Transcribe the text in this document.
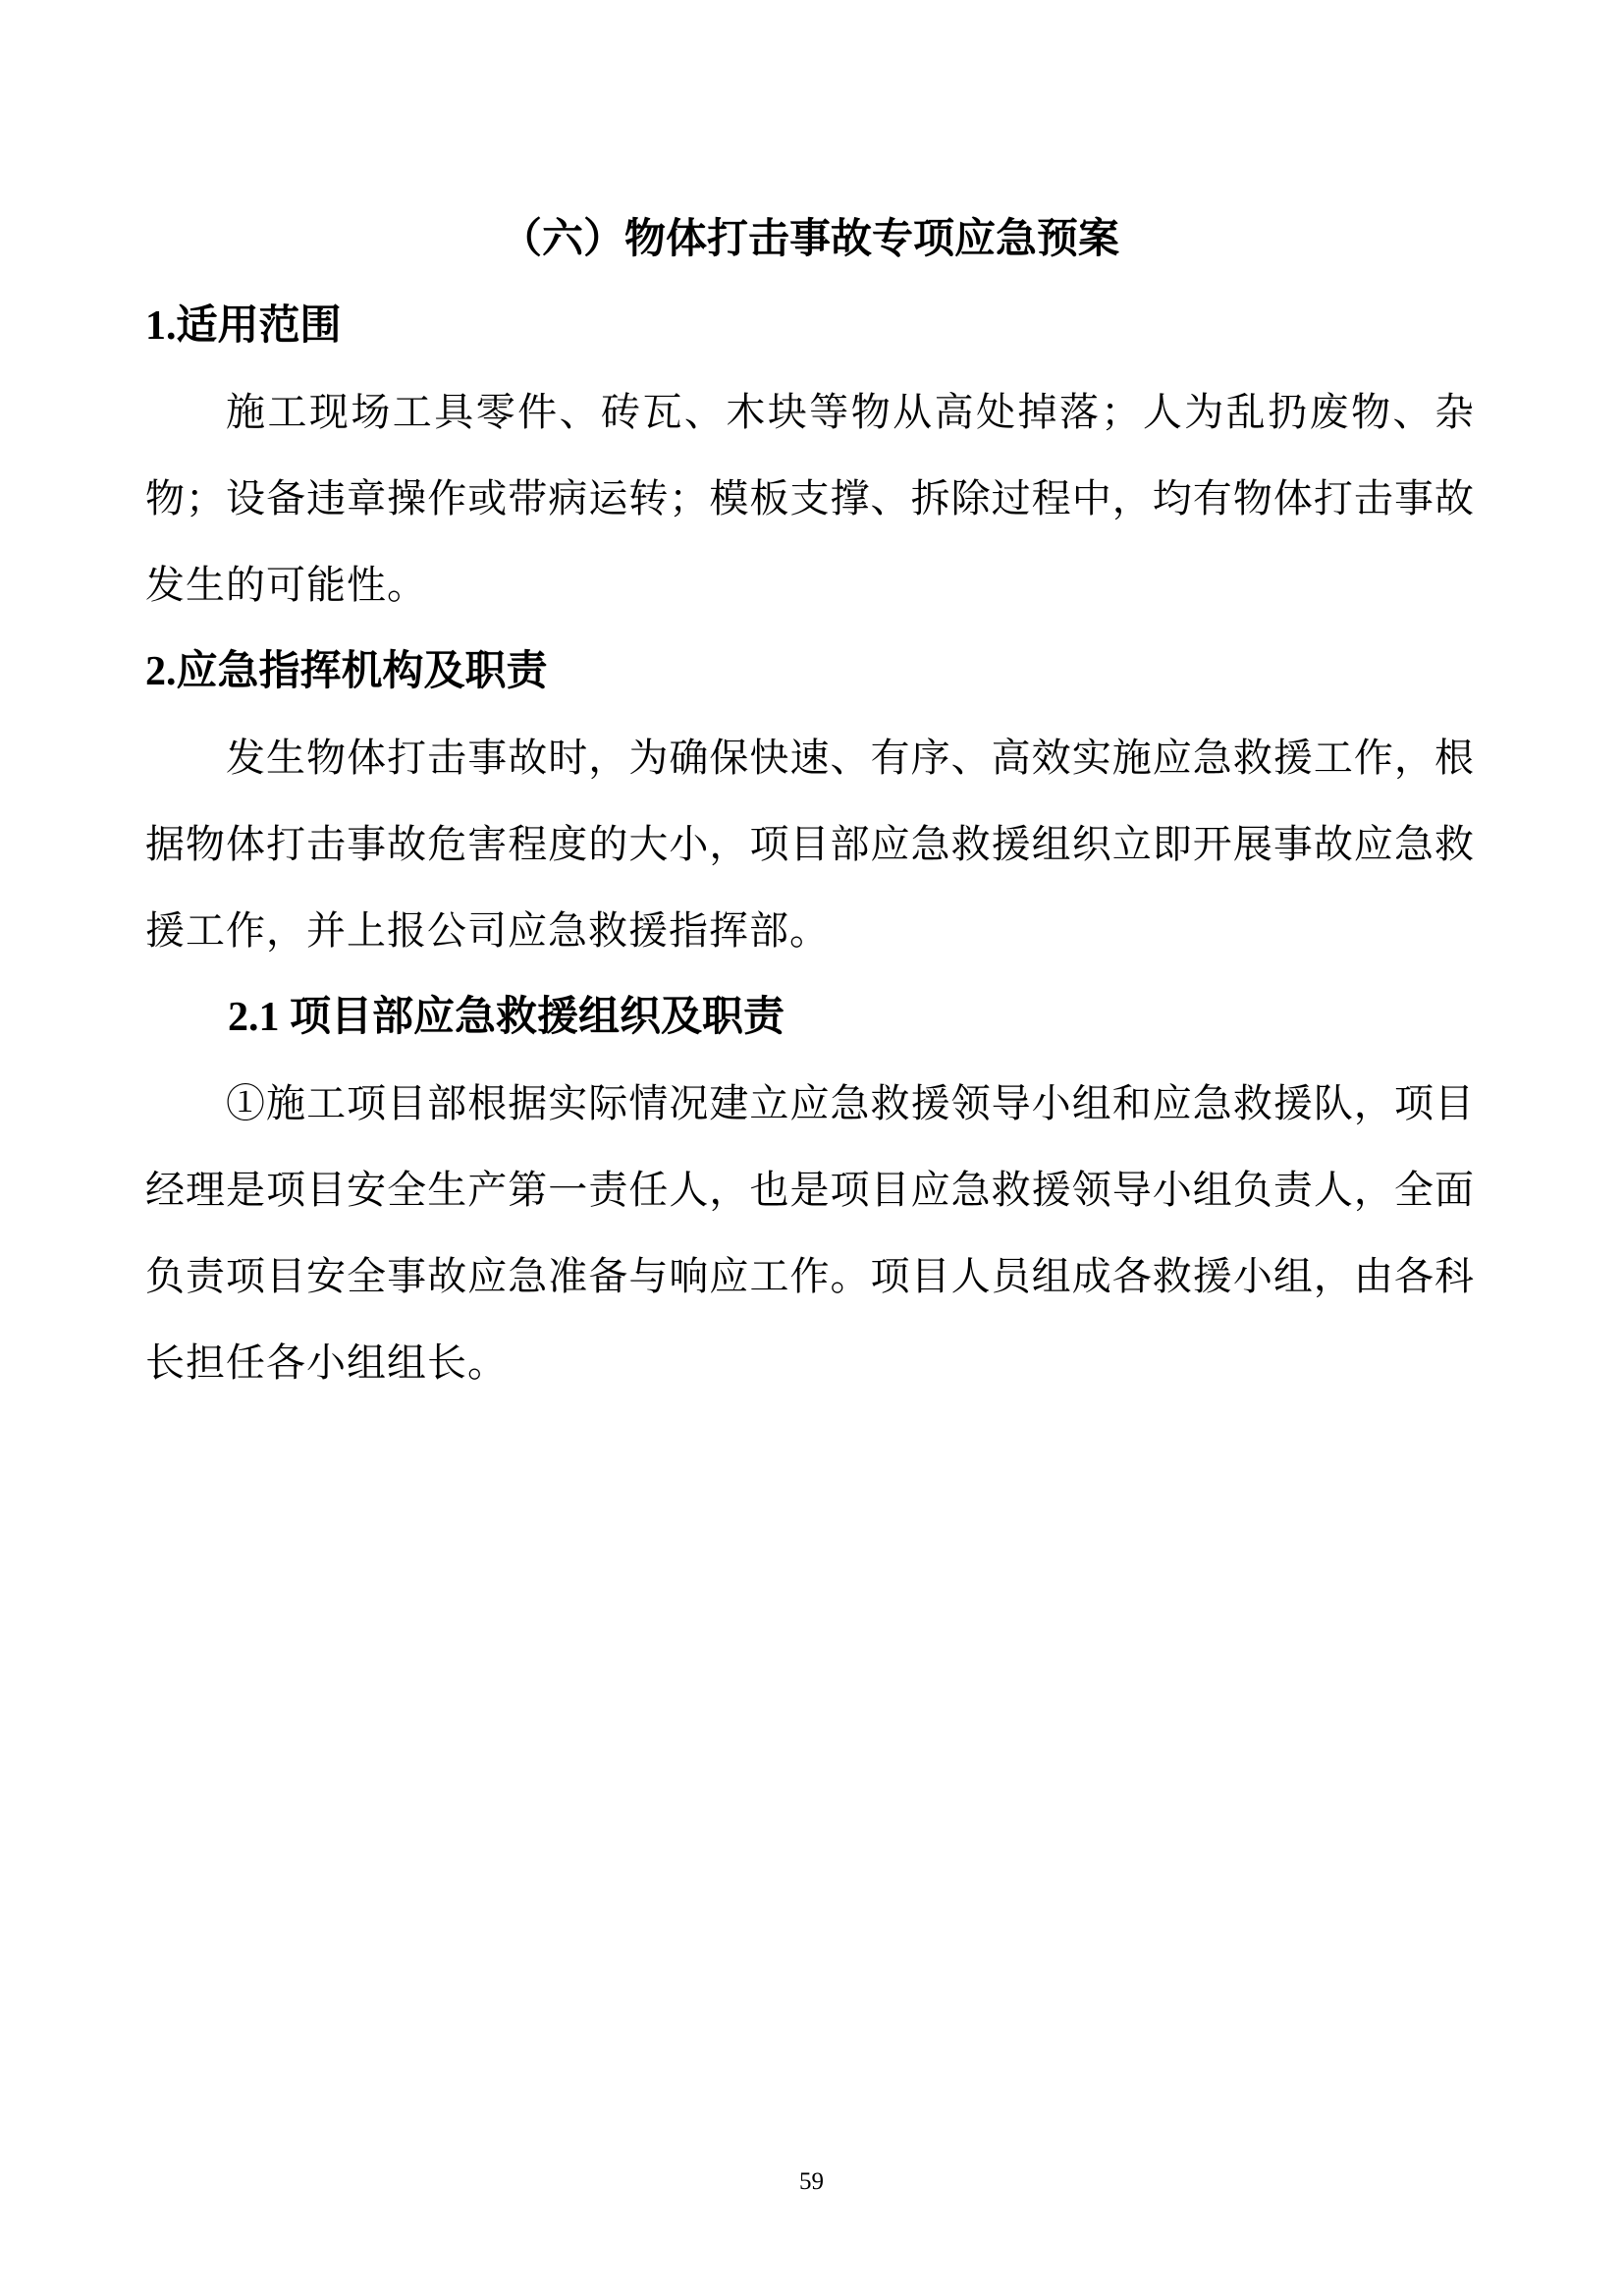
（六）物体打击事故专项应急预案
1.适用范围
施工现场工具零件、砖瓦、木块等物从高处掉落；人为乱扔废物、杂物；设备违章操作或带病运转；模板支撑、拆除过程中，均有物体打击事故发生的可能性。
2.应急指挥机构及职责
发生物体打击事故时，为确保快速、有序、高效实施应急救援工作，根据物体打击事故危害程度的大小，项目部应急救援组织立即开展事故应急救援工作，并上报公司应急救援指挥部。
2.1 项目部应急救援组织及职责
①施工项目部根据实际情况建立应急救援领导小组和应急救援队，项目经理是项目安全生产第一责任人，也是项目应急救援领导小组负责人，全面负责项目安全事故应急准备与响应工作。项目人员组成各救援小组，由各科长担任各小组组长。
59
